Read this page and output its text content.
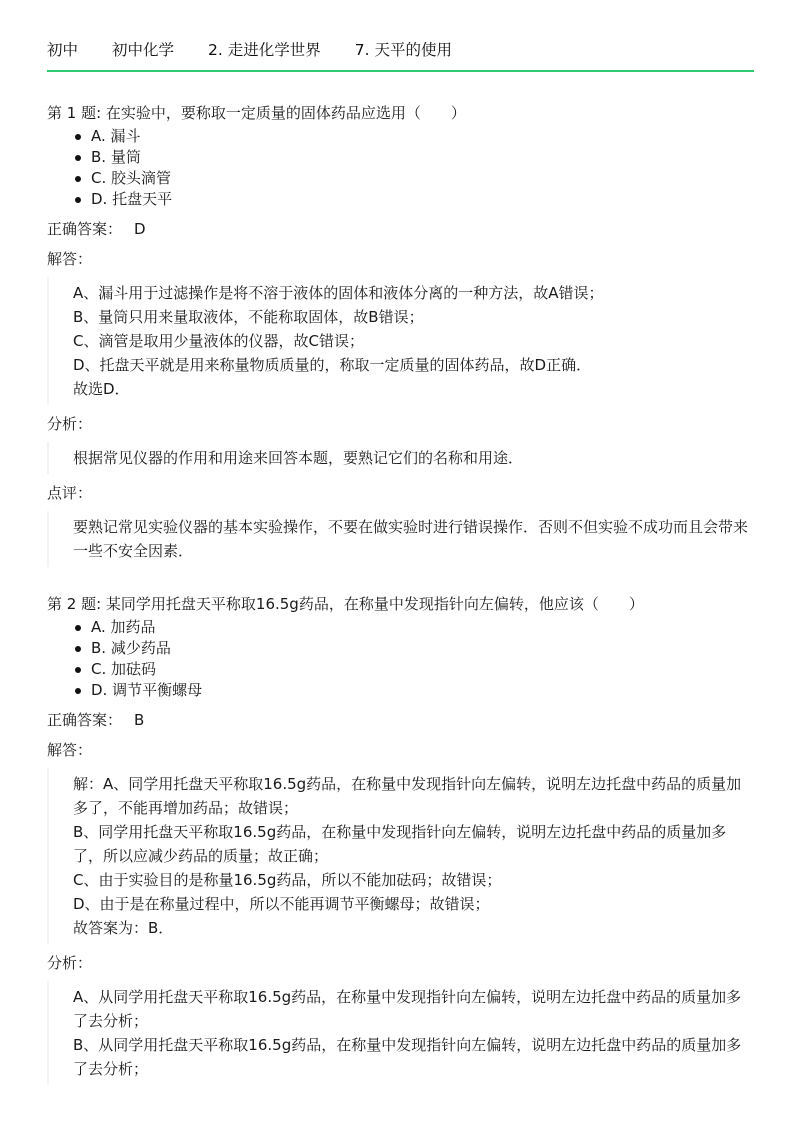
初中 初中化学 2. 走进化学世界 7. 天平的使用
第 1 题: 在实验中，要称取一定质量的固体药品应选用（　　）
A. 漏斗
B. 量筒
C. 胶头滴管
D. 托盘天平
正确答案： D
解答：

A、漏斗用于过滤操作是将不溶于液体的固体和液体分离的一种方法，故A错误；

B、量筒只用来量取液体，不能称取固体，故B错误；

C、滴管是取用少量液体的仪器，故C错误；

D、托盘天平就是用来称量物质质量的，称取一定质量的固体药品，故D正确．

故选D．

分析：

根据常见仪器的作用和用途来回答本题，要熟记它们的名称和用途．

点评：

要熟记常见实验仪器的基本实验操作，不要在做实验时进行错误操作．否则不但实验不成功而且会带来一些不安全因素．

第 2 题: 某同学用托盘天平称取16.5g药品，在称量中发现指针向左偏转，他应该（　　）
A. 加药品
B. 减少药品
C. 加砝码
D. 调节平衡螺母
正确答案： B
解答：

解：A、同学用托盘天平称取16.5g药品，在称量中发现指针向左偏转，说明左边托盘中药品的质量加多了，不能再增加药品；故错误；

B、同学用托盘天平称取16.5g药品，在称量中发现指针向左偏转，说明左边托盘中药品的质量加多了，所以应减少药品的质量；故正确；

C、由于实验目的是称量16.5g药品，所以不能加砝码；故错误；

D、由于是在称量过程中，所以不能再调节平衡螺母；故错误；

故答案为：B．

分析：

A、从同学用托盘天平称取16.5g药品，在称量中发现指针向左偏转，说明左边托盘中药品的质量加多了去分析；

B、从同学用托盘天平称取16.5g药品，在称量中发现指针向左偏转，说明左边托盘中药品的质量加多了去分析；
